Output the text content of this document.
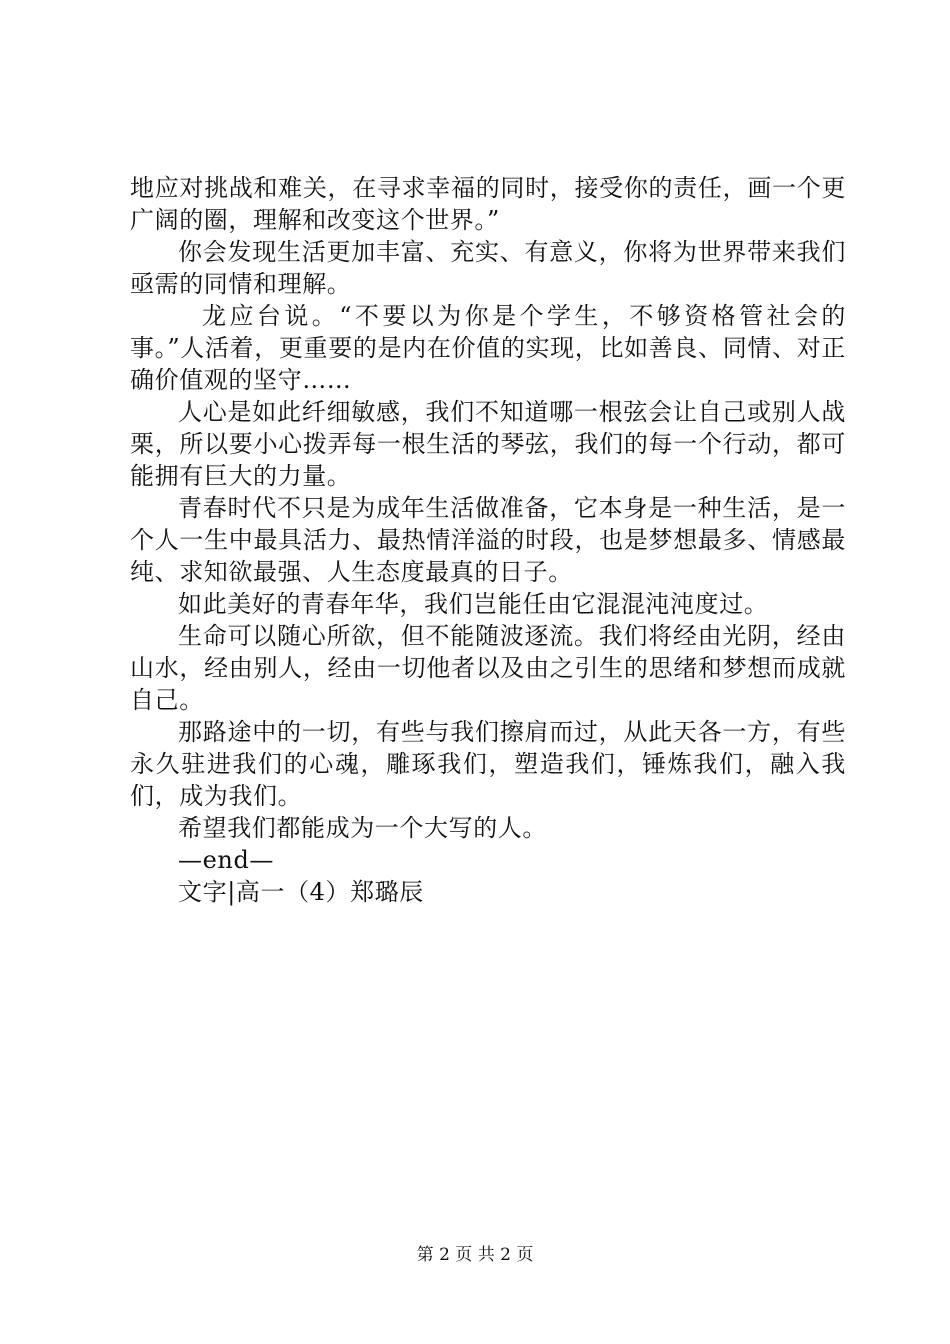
地应对挑战和难关，在寻求幸福的同时，接受你的责任，画一个更广阔的圈，理解和改变这个世界。”

你会发现生活更加丰富、充实、有意义，你将为世界带来我们亟需的同情和理解。

龙应台说。“不要以为你是个学生，不够资格管社会的事。”人活着，更重要的是内在价值的实现，比如善良、同情、对正确价值观的坚守……

人心是如此纤细敏感，我们不知道哪一根弦会让自己或别人战栗，所以要小心拨弄每一根生活的琴弦，我们的每一个行动，都可能拥有巨大的力量。

青春时代不只是为成年生活做准备，它本身是一种生活，是一个人一生中最具活力、最热情洋溢的时段，也是梦想最多、情感最纯、求知欲最强、人生态度最真的日子。

如此美好的青春年华，我们岂能任由它混混沌沌度过。

生命可以随心所欲，但不能随波逐流。我们将经由光阴，经由山水，经由别人，经由一切他者以及由之引生的思绪和梦想而成就自己。

那路途中的一切，有些与我们擦肩而过，从此天各一方，有些永久驻进我们的心魂，雕琢我们，塑造我们，锤炼我们，融入我们，成为我们。

希望我们都能成为一个大写的人。

—end—

文字|高一（4）郑璐辰

第 2 页 共 2 页
